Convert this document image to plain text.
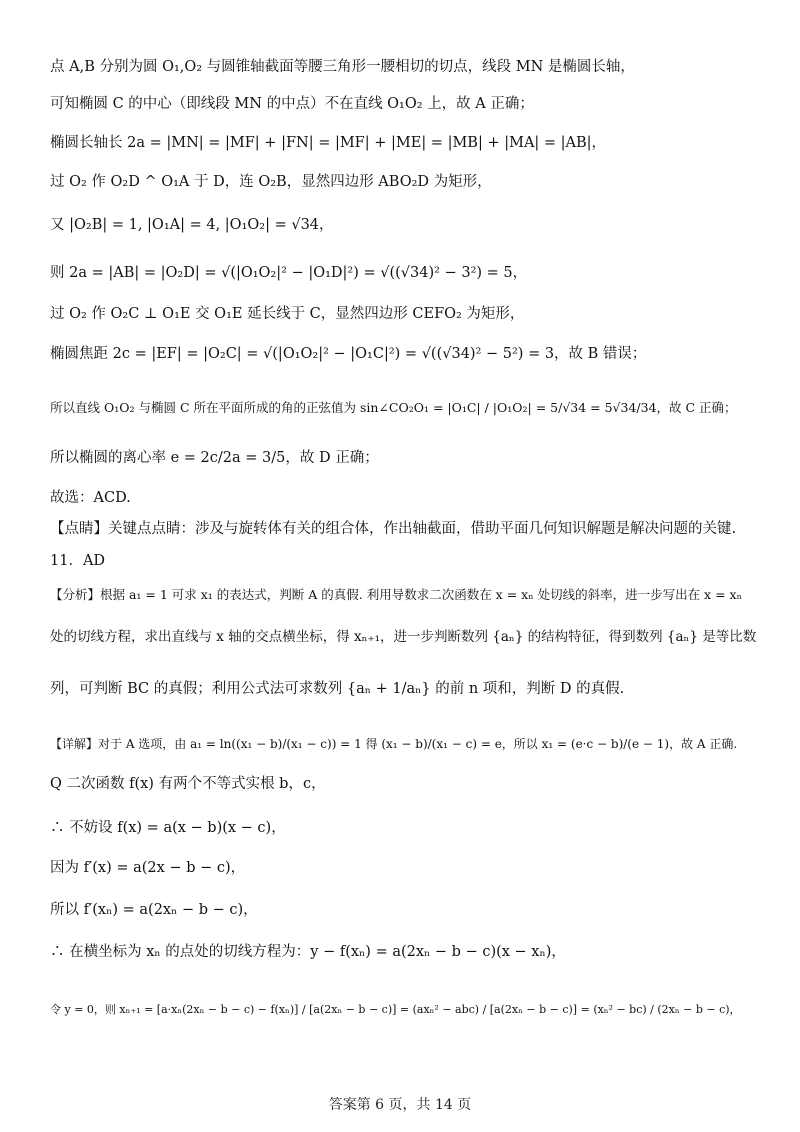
点 A,B 分别为圆 O₁,O₂ 与圆锥轴截面等腰三角形一腰相切的切点，线段 MN 是椭圆长轴，
可知椭圆 C 的中心（即线段 MN 的中点）不在直线 O₁O₂ 上，故 A 正确；
椭圆长轴长 2a = |MN| = |MF| + |FN| = |MF| + |ME| = |MB| + |MA| = |AB|，
过 O₂ 作 O₂D ^ O₁A 于 D，连 O₂B，显然四边形 ABO₂D 为矩形，
又 |O₂B| = 1, |O₁A| = 4, |O₁O₂| = √34，
则 2a = |AB| = |O₂D| = √(|O₁O₂|² − |O₁D|²) = √((√34)² − 3²) = 5，
过 O₂ 作 O₂C ⊥ O₁E 交 O₁E 延长线于 C，显然四边形 CEFO₂ 为矩形，
椭圆焦距 2c = |EF| = |O₂C| = √(|O₁O₂|² − |O₁C|²) = √((√34)² − 5²) = 3，故 B 错误；
所以直线 O₁O₂ 与椭圆 C 所在平面所成的角的正弦值为 sin∠CO₂O₁ = |O₁C| / |O₁O₂| = 5/√34 = 5√34/34，故 C 正确；
所以椭圆的离心率 e = 2c/2a = 3/5，故 D 正确；
故选：ACD.
【点睛】关键点点睛：涉及与旋转体有关的组合体，作出轴截面，借助平面几何知识解题是解决问题的关键.
11．AD
【分析】根据 a₁ = 1 可求 x₁ 的表达式，判断 A 的真假. 利用导数求二次函数在 x = xₙ 处切线的斜率，进一步写出在 x = xₙ
处的切线方程，求出直线与 x 轴的交点横坐标，得 xₙ₊₁，进一步判断数列 {aₙ} 的结构特征，得到数列 {aₙ} 是等比数
列，可判断 BC 的真假；利用公式法可求数列 {aₙ + 1/aₙ} 的前 n 项和，判断 D 的真假.
【详解】对于 A 选项，由 a₁ = ln((x₁ − b)/(x₁ − c)) = 1 得 (x₁ − b)/(x₁ − c) = e，所以 x₁ = (e·c − b)/(e − 1)，故 A 正确.
Q 二次函数 f(x) 有两个不等式实根 b，c，
∴ 不妨设 f(x) = a(x − b)(x − c)，
因为 f′(x) = a(2x − b − c)，
所以 f′(xₙ) = a(2xₙ − b − c)，
∴ 在横坐标为 xₙ 的点处的切线方程为：y − f(xₙ) = a(2xₙ − b − c)(x − xₙ)，
令 y = 0，则 xₙ₊₁ = [a·xₙ(2xₙ − b − c) − f(xₙ)] / [a(2xₙ − b − c)] = (axₙ² − abc) / [a(2xₙ − b − c)] = (xₙ² − bc) / (2xₙ − b − c)，
答案第 6 页，共 14 页
